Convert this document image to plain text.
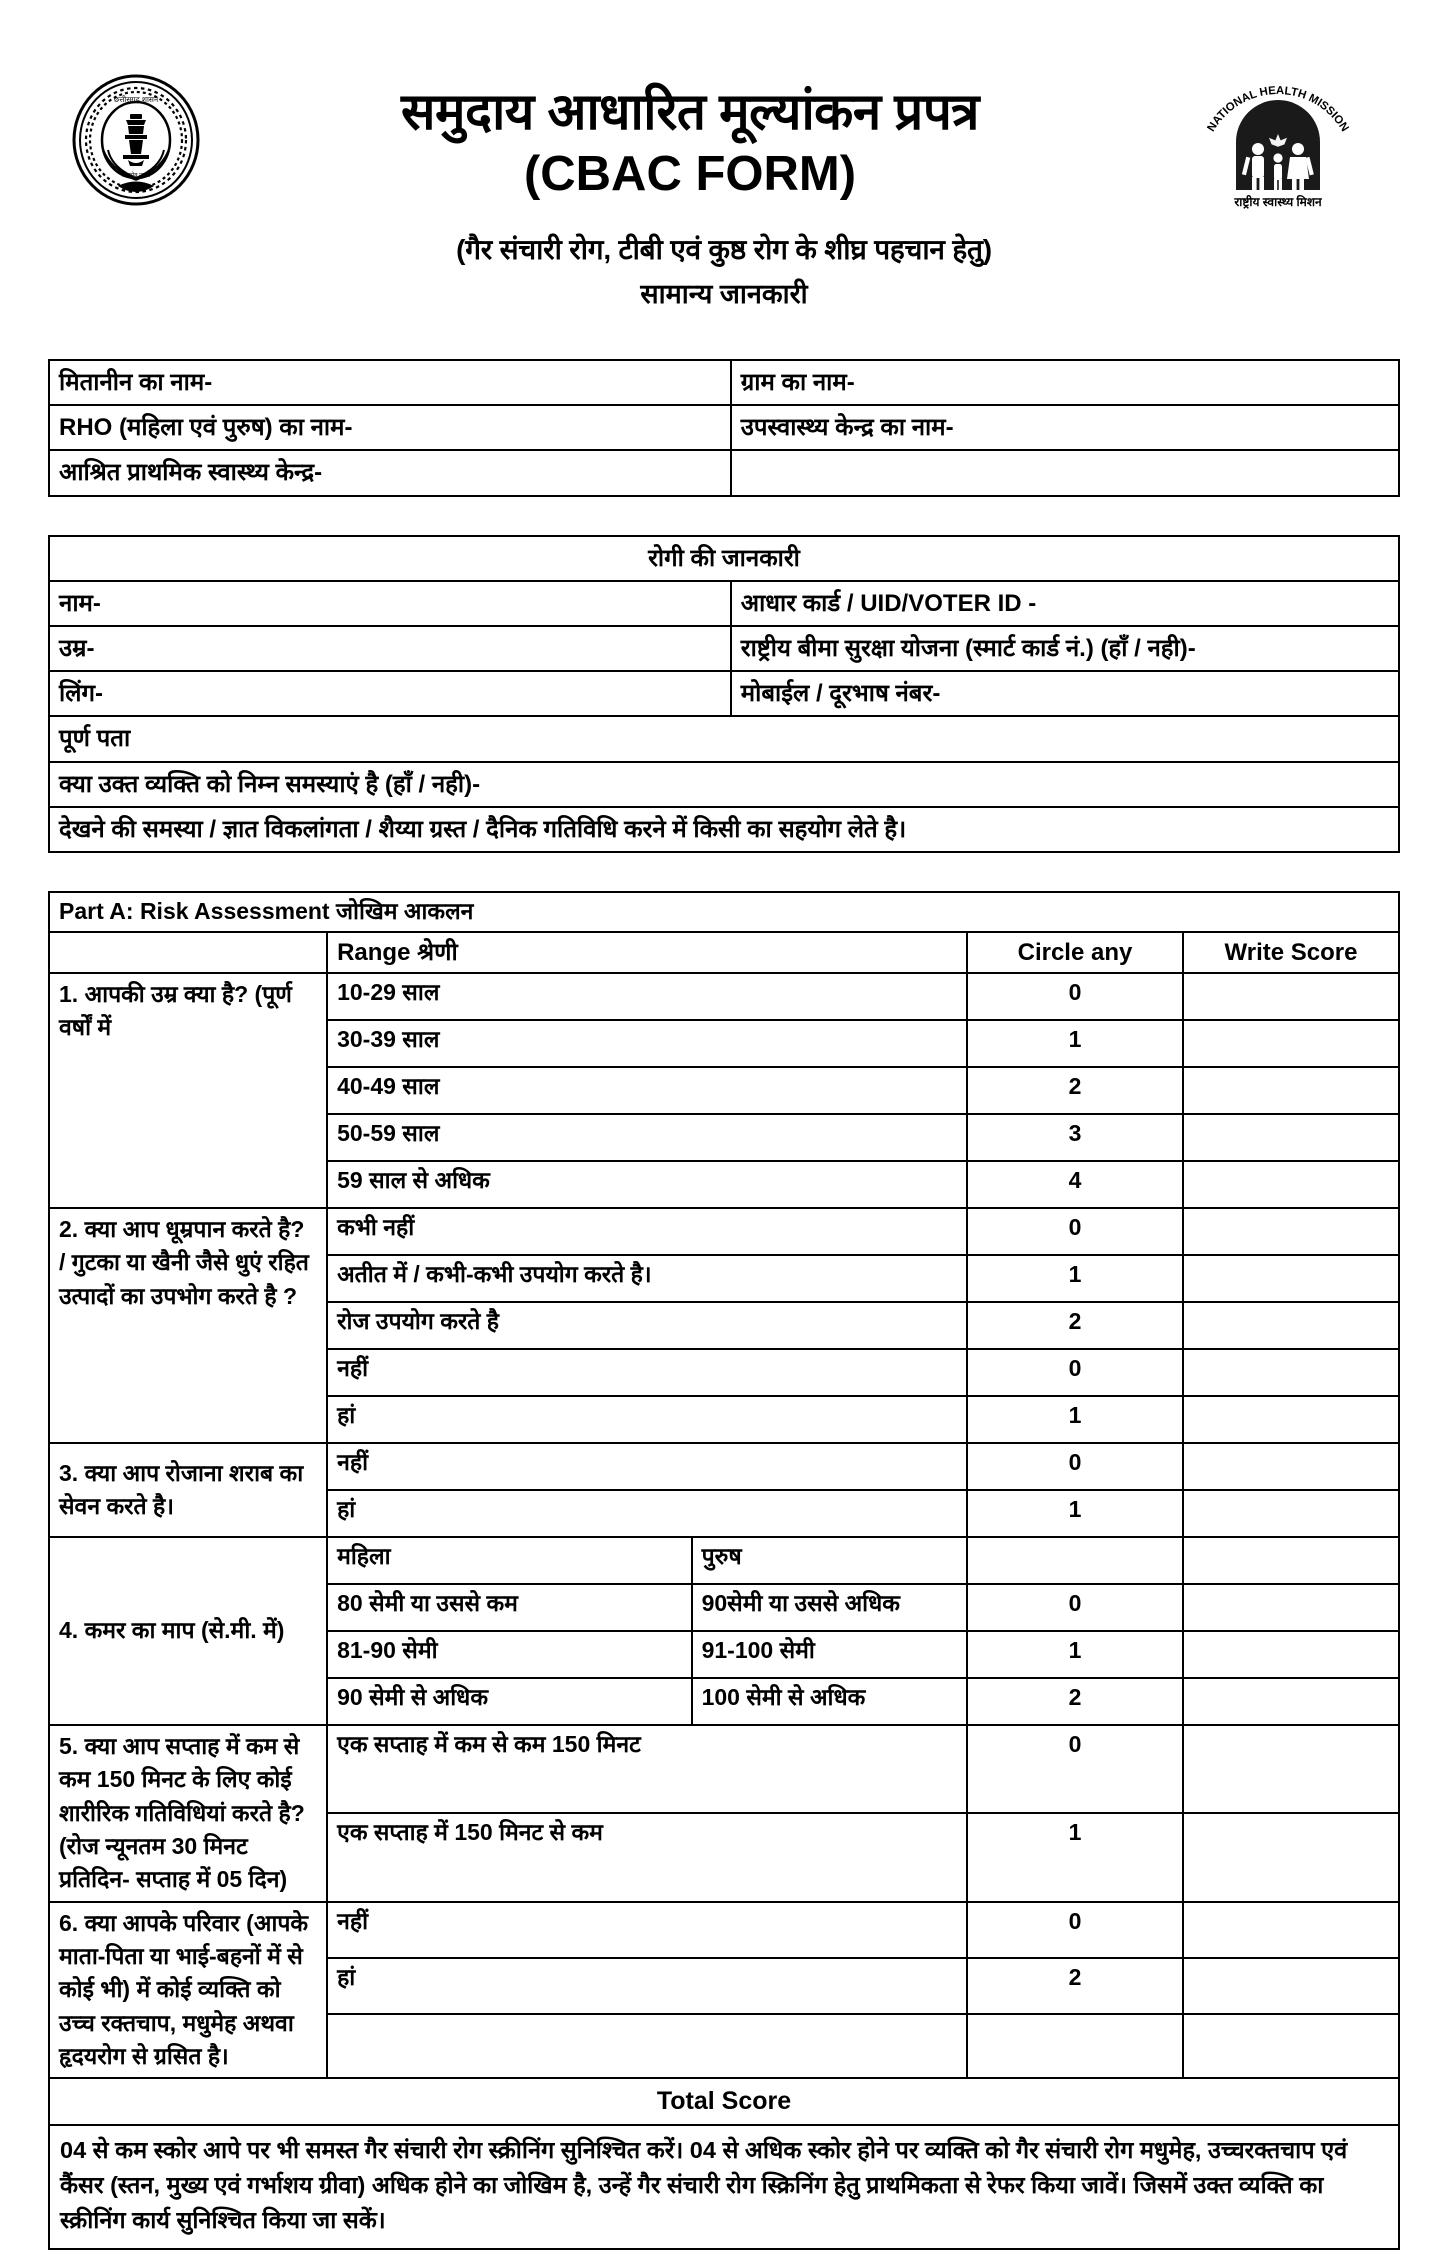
छत्तीसगढ़ शासन
सत्यमेव जयते
समुदाय आधारित मूल्यांकन प्रपत्र
(CBAC FORM)
NATIONAL HEALTH MISSION
राष्ट्रीय स्वास्थ्य मिशन
(गैर संचारी रोग, टीबी एवं कुष्ठ रोग के शीघ्र पहचान हेतु)
सामान्य जानकारी
मितानीन का नाम-	ग्राम का नाम-
RHO (महिला एवं पुरुष) का नाम-	उपस्वास्थ्य केन्द्र का नाम-
आश्रित प्राथमिक स्वास्थ्य केन्द्र-	
रोगी की जानकारी	
नाम-	आधार कार्ड / UID/VOTER ID -
उम्र-	राष्ट्रीय बीमा सुरक्षा योजना (स्मार्ट कार्ड नं.) (हॉं / नही)-
लिंग-	मोबाईल / दूरभाष नंबर-
पूर्ण पता	
क्या उक्त व्यक्ति को निम्न समस्याएं है (हॉं / नही)-	
देखने की समस्या / ज्ञात विकलांगता / शैय्या ग्रस्त / दैनिक गतिविधि करने में किसी का सहयोग लेते है।	
Part A: Risk Assessment जोखिम आकलन				
	Range श्रेणी		Circle any	Write Score
1. आपकी उम्र क्या है? (पूर्ण वर्षों में	10-29 साल		0	
	30-39 साल		1	
	40-49 साल		2	
	50-59 साल		3	
	59 साल से अधिक		4	
2. क्या आप धूम्रपान करते है? / गुटका या खैनी जैसे धुएं रहित उत्पादों का उपभोग करते है ?	कभी नहीं		0	
	अतीत में / कभी-कभी उपयोग करते है।		1	
	रोज उपयोग करते है		2	
	नहीं		0	
	हां		1	
3. क्या आप रोजाना शराब का सेवन करते है।	नहीं		0	
	हां		1	
4. कमर का माप (से.मी. में)	महिला	पुरुष		
	80 सेमी या उससे कम	90सेमी या उससे अधिक	0	
	81-90 सेमी	91-100 सेमी	1	
	90 सेमी से अधिक	100 सेमी से अधिक	2	
5. क्या आप सप्ताह में कम से कम 150 मिनट के लिए कोई शारीरिक गतिविधियां करते है? (रोज न्यूनतम 30 मिनट प्रतिदिन- सप्ताह में 05 दिन)	एक सप्ताह में कम से कम 150 मिनट		0	
	एक सप्ताह में 150 मिनट से कम		1	
6. क्या आपके परिवार (आपके माता-पिता या भाई-बहनों में से कोई भी) में कोई व्यक्ति को उच्च रक्तचाप, मधुमेह अथवा हृदयरोग से ग्रसित है।	नहीं		0	
	हां		2	

Total Score				
04 से कम स्कोर आपे पर भी समस्त गैर संचारी रोग स्क्रीनिंग सुनिश्चित करें। 04 से अधिक स्कोर होने पर व्यक्ति को गैर संचारी रोग मधुमेह, उच्चरक्तचाप एवं कैंसर (स्तन, मुख्य एवं गर्भाशय ग्रीवा) अधिक होने का जोखिम है, उन्हें गैर संचारी रोग स्क्रिनिंग हेतु प्राथमिकता से रेफर किया जावें। जिसमें उक्त व्यक्ति का स्क्रीनिंग कार्य सुनिश्चित किया जा सकें।				
